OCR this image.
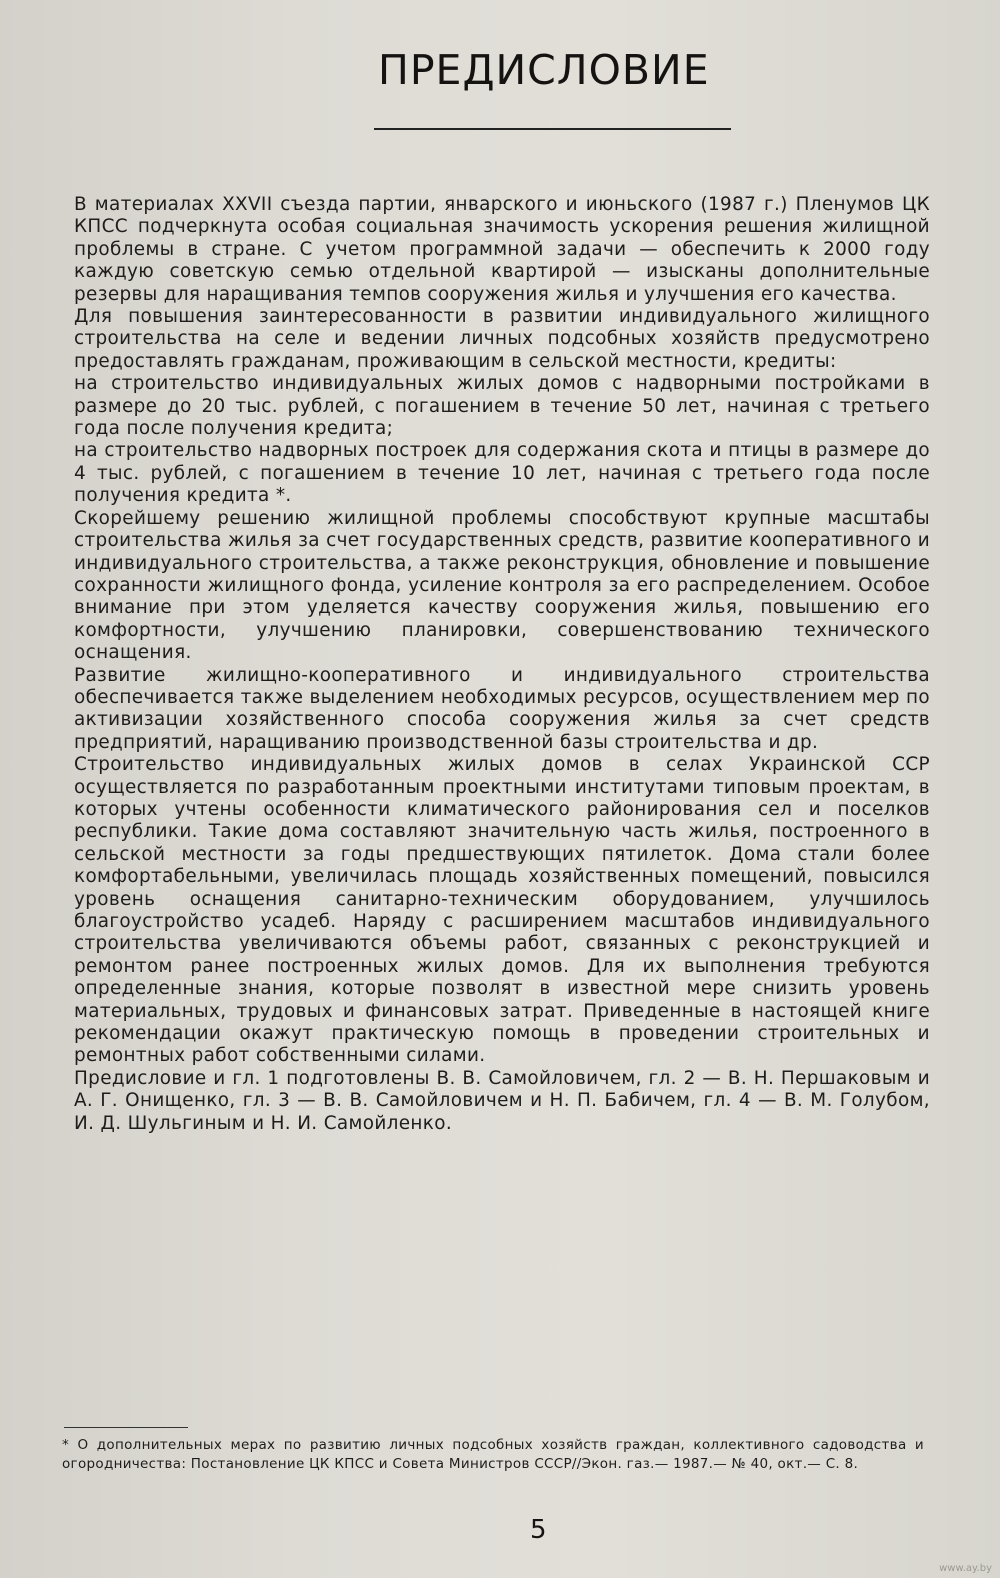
ПРЕДИСЛОВИЕ

В материалах XXVII съезда партии, январского и июньского (1987 г.) Пленумов ЦК КПСС подчеркнута особая социальная значимость ускорения решения жилищной проблемы в стране. С учетом программной задачи — обеспечить к 2000 году каждую советскую семью отдельной квартирой — изысканы дополнительные резервы для наращивания темпов сооружения жилья и улучшения его качества.

Для повышения заинтересованности в развитии индивидуального жилищного строительства на селе и ведении личных подсобных хозяйств предусмотрено предоставлять гражданам, проживающим в сельской местности, кредиты:

на строительство индивидуальных жилых домов с надворными постройками в размере до 20 тыс. рублей, с погашением в течение 50 лет, начиная с третьего года после получения кредита;

на строительство надворных построек для содержания скота и птицы в размере до 4 тыс. рублей, с погашением в течение 10 лет, начиная с третьего года после получения кредита *.

Скорейшему решению жилищной проблемы способствуют крупные масштабы строительства жилья за счет государственных средств, развитие кооперативного и индивидуального строительства, а также реконструкция, обновление и повышение сохранности жилищного фонда, усиление контроля за его распределением. Особое внимание при этом уделяется качеству сооружения жилья, повышению его комфортности, улучшению планировки, совершенствованию технического оснащения.

Развитие жилищно-кооперативного и индивидуального строительства обеспечивается также выделением необходимых ресурсов, осуществлением мер по активизации хозяйственного способа сооружения жилья за счет средств предприятий, наращиванию производственной базы строительства и др.

Строительство индивидуальных жилых домов в селах Украинской ССР осуществляется по разработанным проектными институтами типовым проектам, в которых учтены особенности климатического районирования сел и поселков республики. Такие дома составляют значительную часть жилья, построенного в сельской местности за годы предшествующих пятилеток. Дома стали более комфортабельными, увеличилась площадь хозяйственных помещений, повысился уровень оснащения санитарно-техническим оборудованием, улучшилось благоустройство усадеб. Наряду с расширением масштабов индивидуального строительства увеличиваются объемы работ, связанных с реконструкцией и ремонтом ранее построенных жилых домов. Для их выполнения требуются определенные знания, которые позволят в известной мере снизить уровень материальных, трудовых и финансовых затрат. Приведенные в настоящей книге рекомендации окажут практическую помощь в проведении строительных и ремонтных работ собственными силами.

Предисловие и гл. 1 подготовлены В. В. Самойловичем, гл. 2 — В. Н. Першаковым и А. Г. Онищенко, гл. 3 — В. В. Самойловичем и Н. П. Бабичем, гл. 4 — В. М. Голубом, И. Д. Шульгиным и Н. И. Самойленко.

* О дополнительных мерах по развитию личных подсобных хозяйств граждан, коллективного садоводства и огородничества: Постановление ЦК КПСС и Совета Министров СССР//Экон. газ.— 1987.— № 40, окт.— С. 8.

5
www.ay.by
